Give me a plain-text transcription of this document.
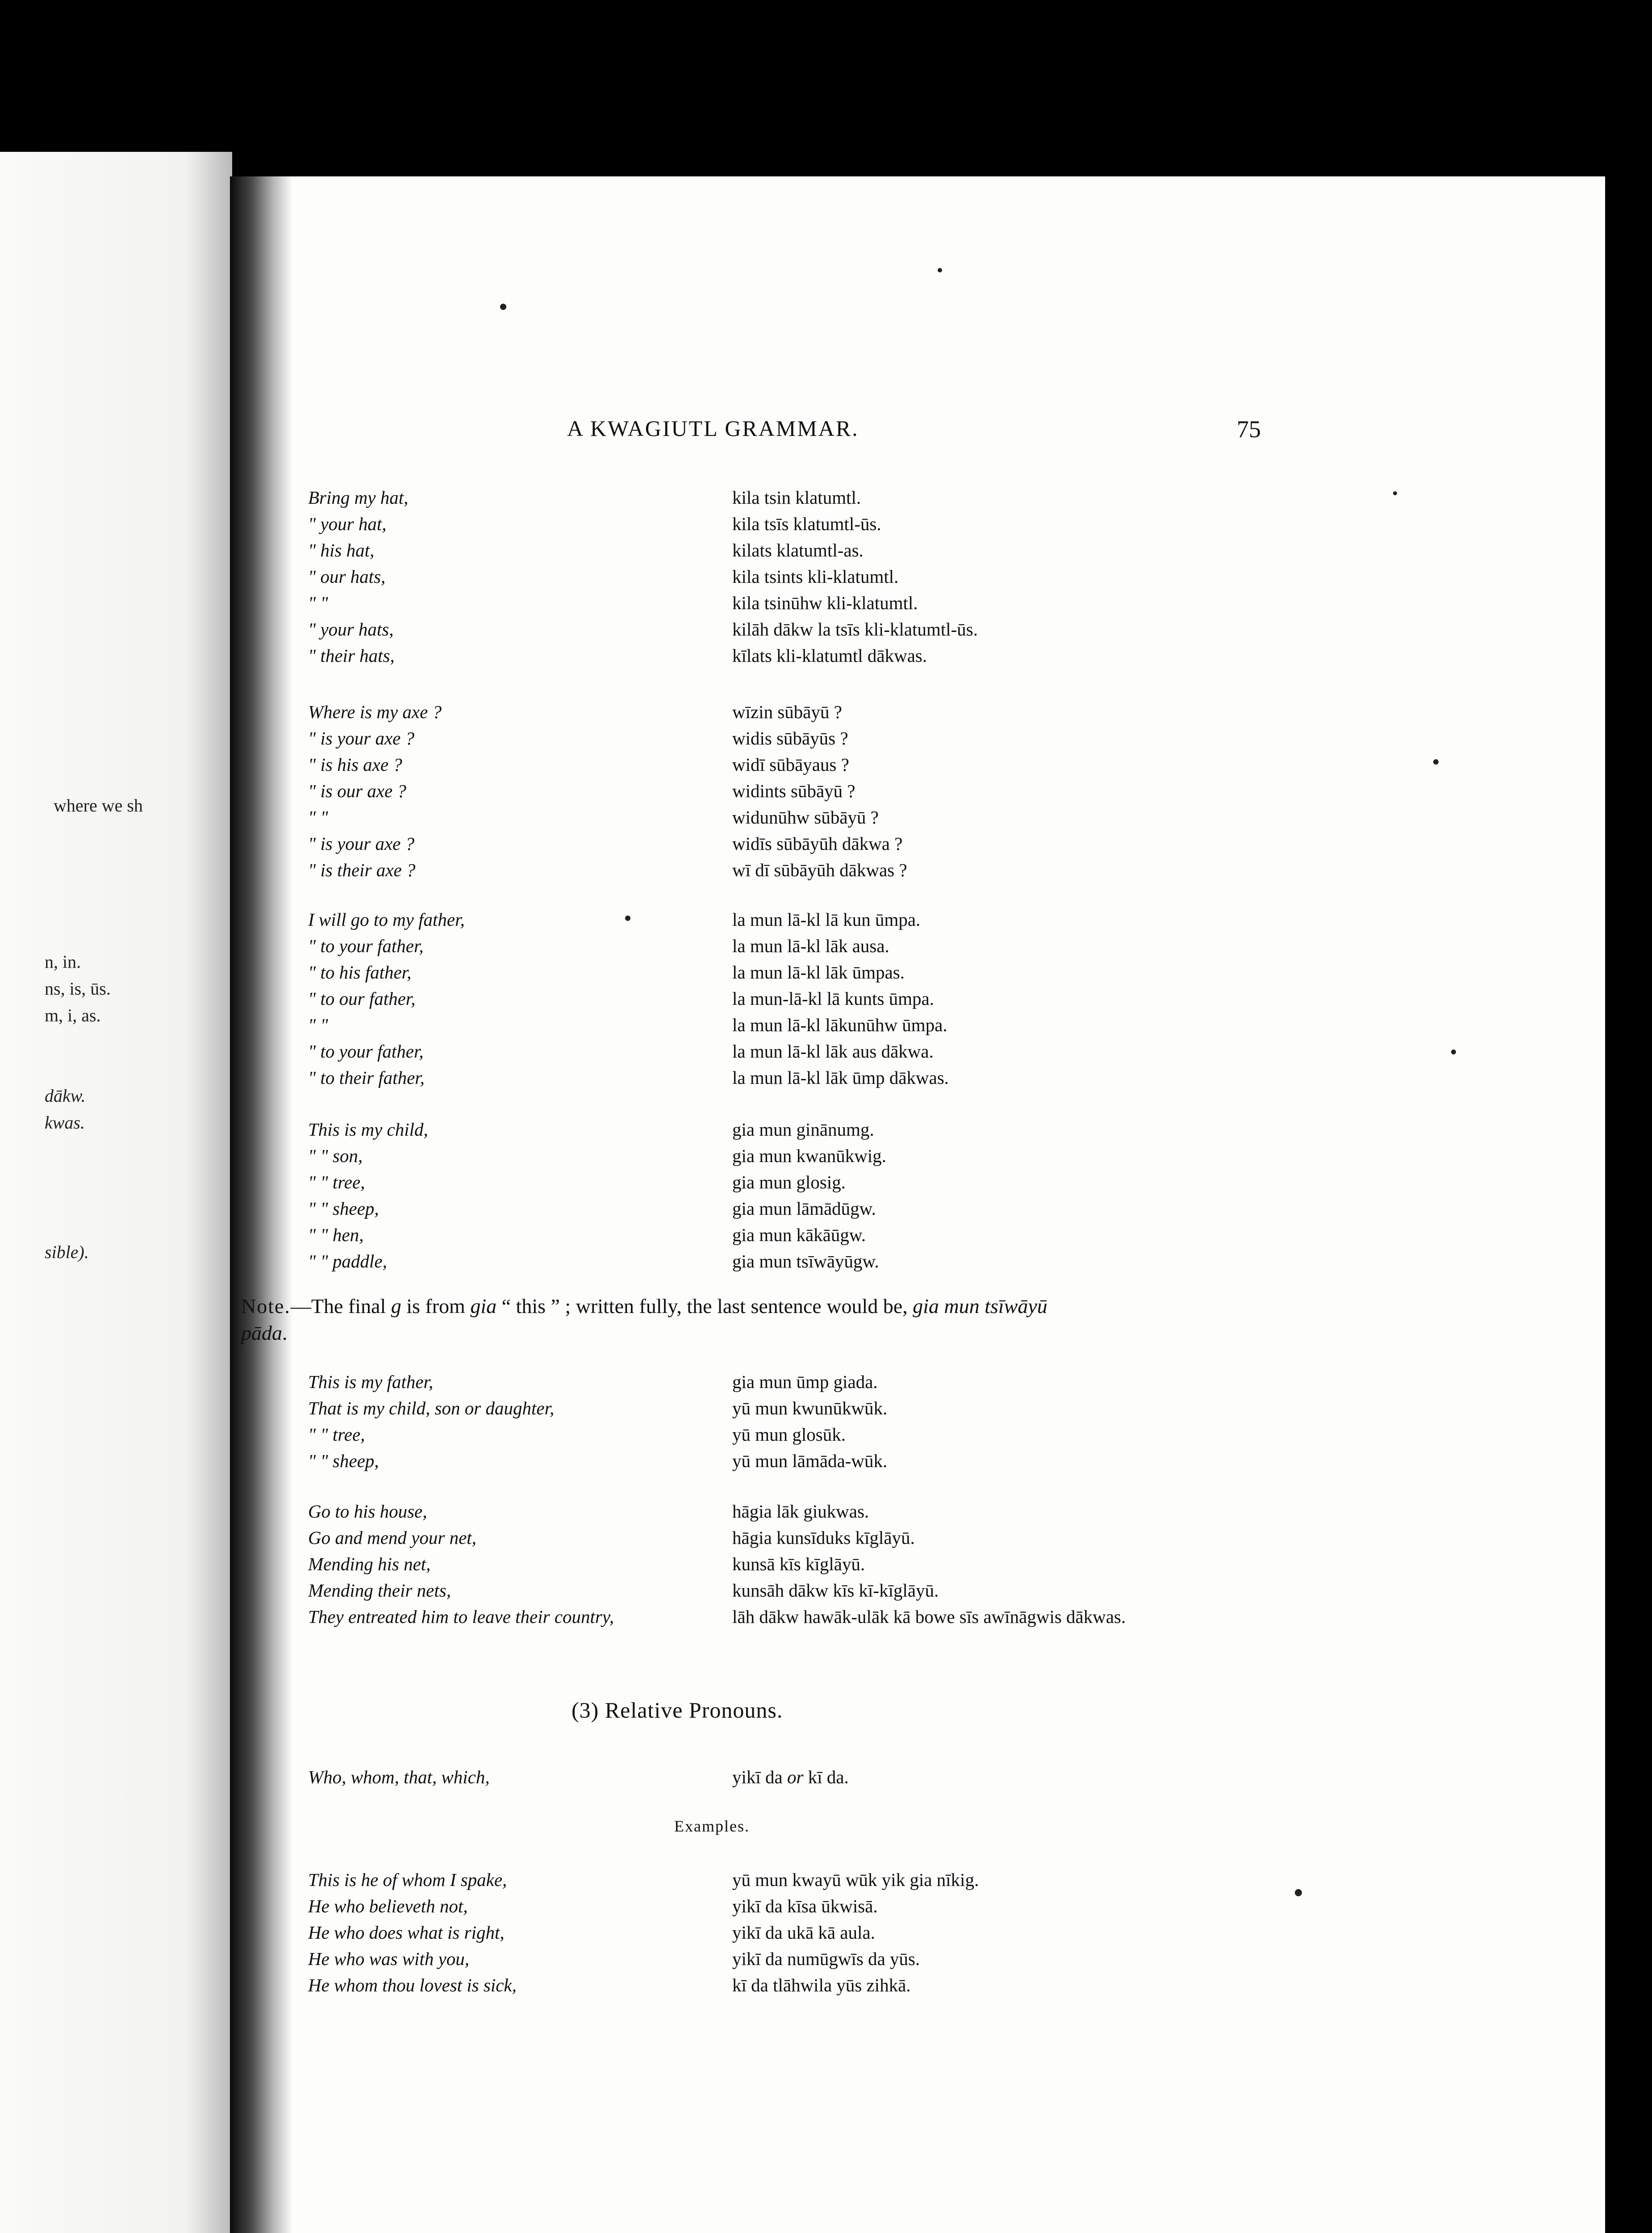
where we sh
n, in.
ns, is, ūs.
m, i, as.
dākw.
kwas.
sible).
A KWAGIUTL GRAMMAR.	75
Bring my hat,	kila tsin klatumtl.
" your hat,	kila tsīs klatumtl-ūs.
" his hat,	kilats klatumtl-as.
" our hats,	kila tsints kli-klatumtl.
" "	kila tsinūhw kli-klatumtl.
" your hats,	kilāh dākw la tsīs kli-klatumtl-ūs.
" their hats,	kīlats kli-klatumtl dākwas.
Where is my axe ?	wīzin sūbāyū ?
" is your axe ?	widis sūbāyūs ?
" is his axe ?	widī sūbāyaus ?
" is our axe ?	widints sūbāyū ?
" "	widunūhw sūbāyū ?
" is your axe ?	widīs sūbāyūh dākwa ?
" is their axe ?	wī dī sūbāyūh dākwas ?
I will go to my father,	la mun lā-kl lā kun ūmpa.
" to your father,	la mun lā-kl lāk ausa.
" to his father,	la mun lā-kl lāk ūmpas.
" to our father,	la mun-lā-kl lā kunts ūmpa.
" "	la mun lā-kl lākunūhw ūmpa.
" to your father,	la mun lā-kl lāk aus dākwa.
" to their father,	la mun lā-kl lāk ūmp dākwas.
This is my child,	gia mun ginānumg.
" " son,	gia mun kwanūkwig.
" " tree,	gia mun glosig.
" " sheep,	gia mun lāmādūgw.
" " hen,	gia mun kākāūgw.
" " paddle,	gia mun tsīwāyūgw.
Note.—The final g is from gia “ this ” ; written fully, the last sentence would be, gia mun tsīwāyū
pāda.
This is my father,	gia mun ūmp giada.
That is my child, son or daughter,	yū mun kwunūkwūk.
" " tree,	yū mun glosūk.
" " sheep,	yū mun lāmāda-wūk.
Go to his house,	hāgia lāk giukwas.
Go and mend your net,	hāgia kunsīduks kīglāyū.
Mending his net,	kunsā kīs kīglāyū.
Mending their nets,	kunsāh dākw kīs kī-kīglāyū.
They entreated him to leave their country,	lāh dākw hawāk-ulāk kā bowe sīs awīnāgwis dākwas.
(3) Relative Pronouns.
Who, whom, that, which,	yikī da or kī da.
Examples.
This is he of whom I spake,	yū mun kwayū wūk yik gia nīkig.
He who believeth not,	yikī da kīsa ūkwisā.
He who does what is right,	yikī da ukā kā aula.
He who was with you,	yikī da numūgwīs da yūs.
He whom thou lovest is sick,	kī da tlāhwila yūs zihkā.
